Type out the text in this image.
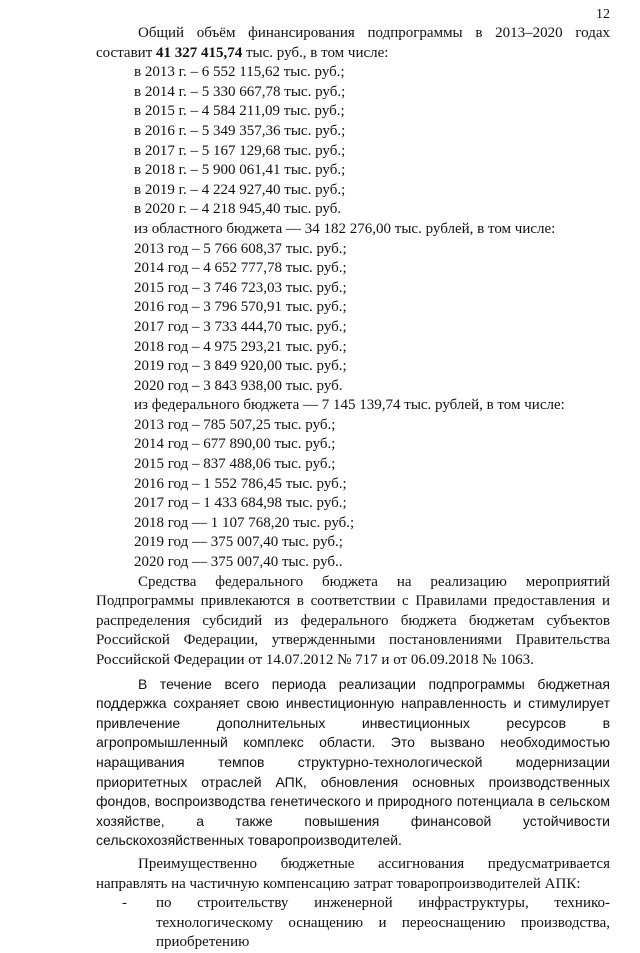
12

Общий объём финансирования подпрограммы в 2013–2020 годах

составит 41 327 415,74 тыс. руб., в том числе:

в 2013 г. – 6 552 115,62 тыс. руб.;

в 2014 г. – 5 330 667,78 тыс. руб.;

в 2015 г. – 4 584 211,09 тыс. руб.;

в 2016 г. – 5 349 357,36 тыс. руб.;

в 2017 г. – 5 167 129,68 тыс. руб.;

в 2018 г. – 5 900 061,41 тыс. руб.;

в 2019 г. – 4 224 927,40 тыс. руб.;

в 2020 г. – 4 218 945,40 тыс. руб.

из областного бюджета — 34 182 276,00 тыс. рублей, в том числе:

2013 год – 5 766 608,37 тыс. руб.;

2014 год – 4 652 777,78 тыс. руб.;

2015 год – 3 746 723,03 тыс. руб.;

2016 год – 3 796 570,91 тыс. руб.;

2017 год – 3 733 444,70 тыс. руб.;

2018 год – 4 975 293,21 тыс. руб.;

2019 год – 3 849 920,00 тыс. руб.;

2020 год – 3 843 938,00 тыс. руб.

из федерального бюджета — 7 145 139,74 тыс. рублей, в том числе:

2013 год – 785 507,25 тыс. руб.;

2014 год – 677 890,00 тыс. руб.;

2015 год – 837 488,06 тыс. руб.;

2016 год – 1 552 786,45 тыс. руб.;

2017 год – 1 433 684,98 тыс. руб.;

2018 год — 1 107 768,20 тыс. руб.;

2019 год — 375 007,40 тыс. руб.;

2020 год — 375 007,40 тыс. руб..

Средства федерального бюджета на реализацию мероприятий Подпрограммы привлекаются в соответствии с Правилами предоставления и распределения субсидий из федерального бюджета бюджетам субъектов Российской Федерации, утвержденными постановлениями Правительства Российской Федерации от 14.07.2012 № 717 и от 06.09.2018 № 1063.

В течение всего периода реализации подпрограммы бюджетная поддержка сохраняет свою инвестиционную направленность и стимулирует привлечение дополнительных инвестиционных ресурсов в агропромышленный комплекс области. Это вызвано необходимостью наращивания темпов структурно-технологической модернизации приоритетных отраслей АПК, обновления основных производственных фондов, воспроизводства генетического и природного потенциала в сельском хозяйстве, а также повышения финансовой устойчивости сельскохозяйственных товаропроизводителей.

Преимущественно бюджетные ассигнования предусматривается направлять на частичную компенсацию затрат товаропроизводителей АПК:

-	по строительству инженерной инфраструктуры, технико-технологическому оснащению и переоснащению производства, приобретению
